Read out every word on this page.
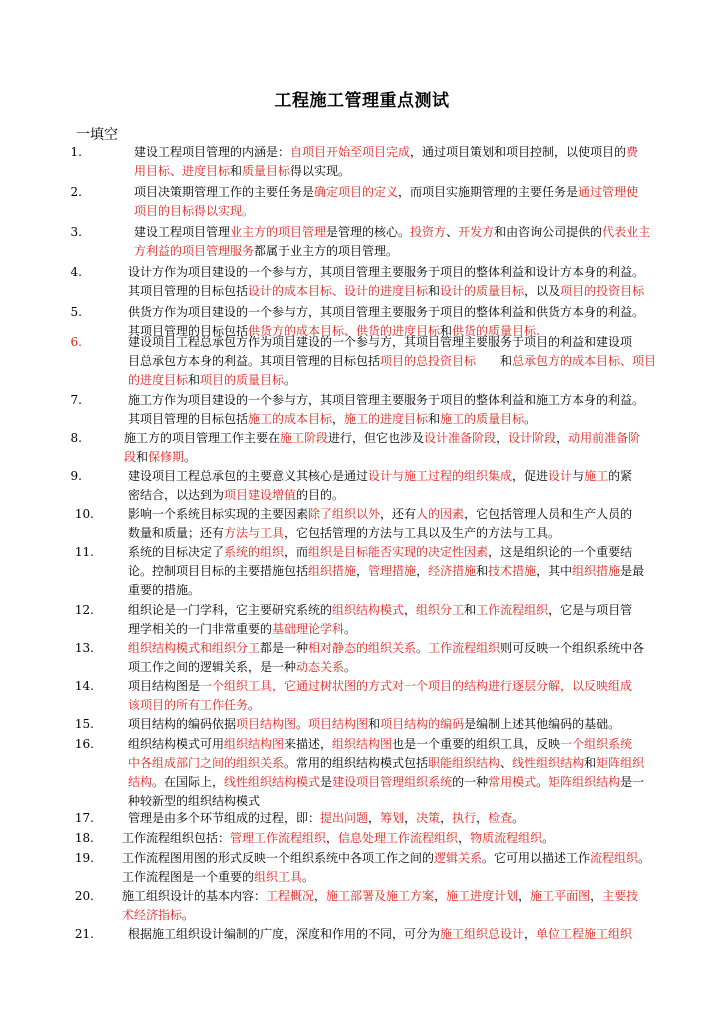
工程施工管理重点测试
一填空
1.	建设工程项目管理的内涵是：自项目开始至项目完成，通过项目策划和项目控制，以使项目的费
用目标、进度目标和质量目标得以实现。
2.	项目决策期管理工作的主要任务是确定项目的定义，而项目实施期管理的主要任务是通过管理使
项目的目标得以实现。
3.	建设工程项目管理业主方的项目管理是管理的核心。投资方、开发方和由咨询公司提供的代表业主
方利益的项目管理服务都属于业主方的项目管理。
4.	设计方作为项目建设的一个参与方，其项目管理主要服务于项目的整体利益和设计方本身的利益。
其项目管理的目标包括设计的成本目标、设计的进度目标和设计的质量目标，以及项目的投资目标
5.	供货方作为项目建设的一个参与方，其项目管理主要服务于项目的整体利益和供货方本身的利益。
其项目管理的目标包括供货方的成本目标、供货的进度目标和供货的质量目标.
6.	建设项目工程总承包方作为项目建设的一个参与方，其项目管理主要服务于项目的利益和建设项
目总承包方本身的利益。其项目管理的目标包括项目的总投资目标　　和总承包方的成本目标、项目
的进度目标和项目的质量目标。
7.	施工方作为项目建设的一个参与方，其项目管理主要服务于项目的整体利益和施工方本身的利益。
其项目管理的目标包括施工的成本目标，施工的进度目标和施工的质量目标。
8.	施工方的项目管理工作主要在施工阶段进行，但它也涉及设计准备阶段，设计阶段，动用前准备阶
段和保修期。
9.	建设项目工程总承包的主要意义其核心是通过设计与施工过程的组织集成，促进设计与施工的紧
密结合，以达到为项目建设增值的目的。
10.	影响一个系统目标实现的主要因素除了组织以外，还有人的因素，它包括管理人员和生产人员的
数量和质量；还有方法与工具，它包括管理的方法与工具以及生产的方法与工具。
11.	系统的目标决定了系统的组织，而组织是目标能否实现的决定性因素，这是组织论的一个重要结
论。控制项目目标的主要措施包括组织措施，管理措施，经济措施和技术措施，其中组织措施是最
重要的措施。
12.	组织论是一门学科，它主要研究系统的组织结构模式，组织分工和工作流程组织，它是与项目管
理学相关的一门非常重要的基础理论学科。
13.	组织结构模式和组织分工都是一种相对静态的组织关系。工作流程组织则可反映一个组织系统中各
项工作之间的逻辑关系，是一种动态关系。
14.	项目结构图是一个组织工具，它通过树状图的方式对一个项目的结构进行逐层分解，以反映组成
该项目的所有工作任务。
15.	项目结构的编码依据项目结构图。项目结构图和项目结构的编码是编制上述其他编码的基础。
16.	组织结构模式可用组织结构图来描述，组织结构图也是一个重要的组织工具，反映一个组织系统
中各组成部门之间的组织关系。常用的组织结构模式包括职能组织结构、线性组织结构和矩阵组织
结构。在国际上，线性组织结构模式是建设项目管理组织系统的一种常用模式。矩阵组织结构是一
种较新型的组织结构模式
17.	管理是由多个环节组成的过程，即：提出问题，筹划，决策，执行，检查。
18. 工作流程组织包括：管理工作流程组织，信息处理工作流程组织，物质流程组织。
19. 工作流程图用图的形式反映一个组织系统中各项工作之间的逻辑关系。它可用以描述工作流程组织。
工作流程图是一个重要的组织工具。
20. 施工组织设计的基本内容：工程概况，施工部署及施工方案，施工进度计划，施工平面图，主要技
术经济指标。
21.	根据施工组织设计编制的广度，深度和作用的不同，可分为施工组织总设计，单位工程施工组织
